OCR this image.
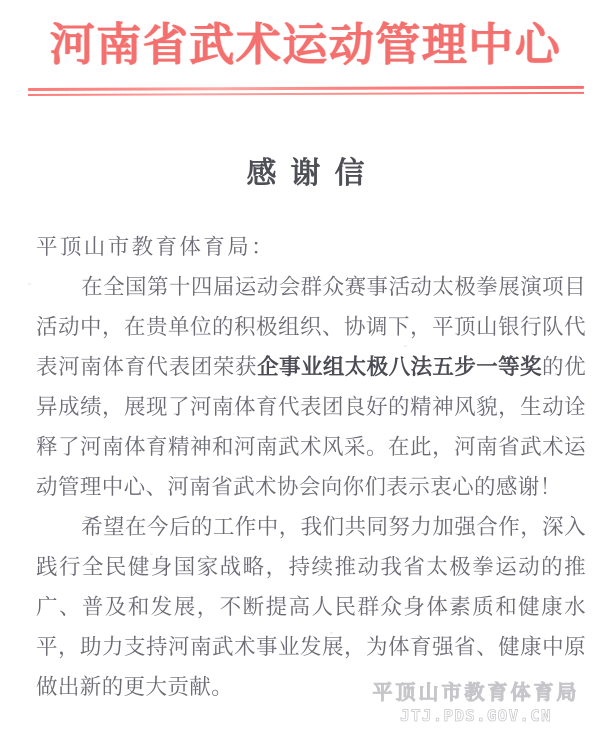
河南省武术运动管理中心
感谢信
平顶山市教育体育局：
在全国第十四届运动会群众赛事活动太极拳展演项目活动中，在贵单位的积极组织、协调下，平顶山银行队代表河南体育代表团荣获企事业组太极八法五步一等奖的优异成绩，展现了河南体育代表团良好的精神风貌，生动诠释了河南体育精神和河南武术风采。在此，河南省武术运动管理中心、河南省武术协会向你们表示衷心的感谢！
希望在今后的工作中，我们共同努力加强合作，深入践行全民健身国家战略，持续推动我省太极拳运动的推广、普及和发展，不断提高人民群众身体素质和健康水平，助力支持河南武术事业发展，为体育强省、健康中原做出新的更大贡献。	平顶山市教育体育局
JTJ.PDS.GOV.CN
